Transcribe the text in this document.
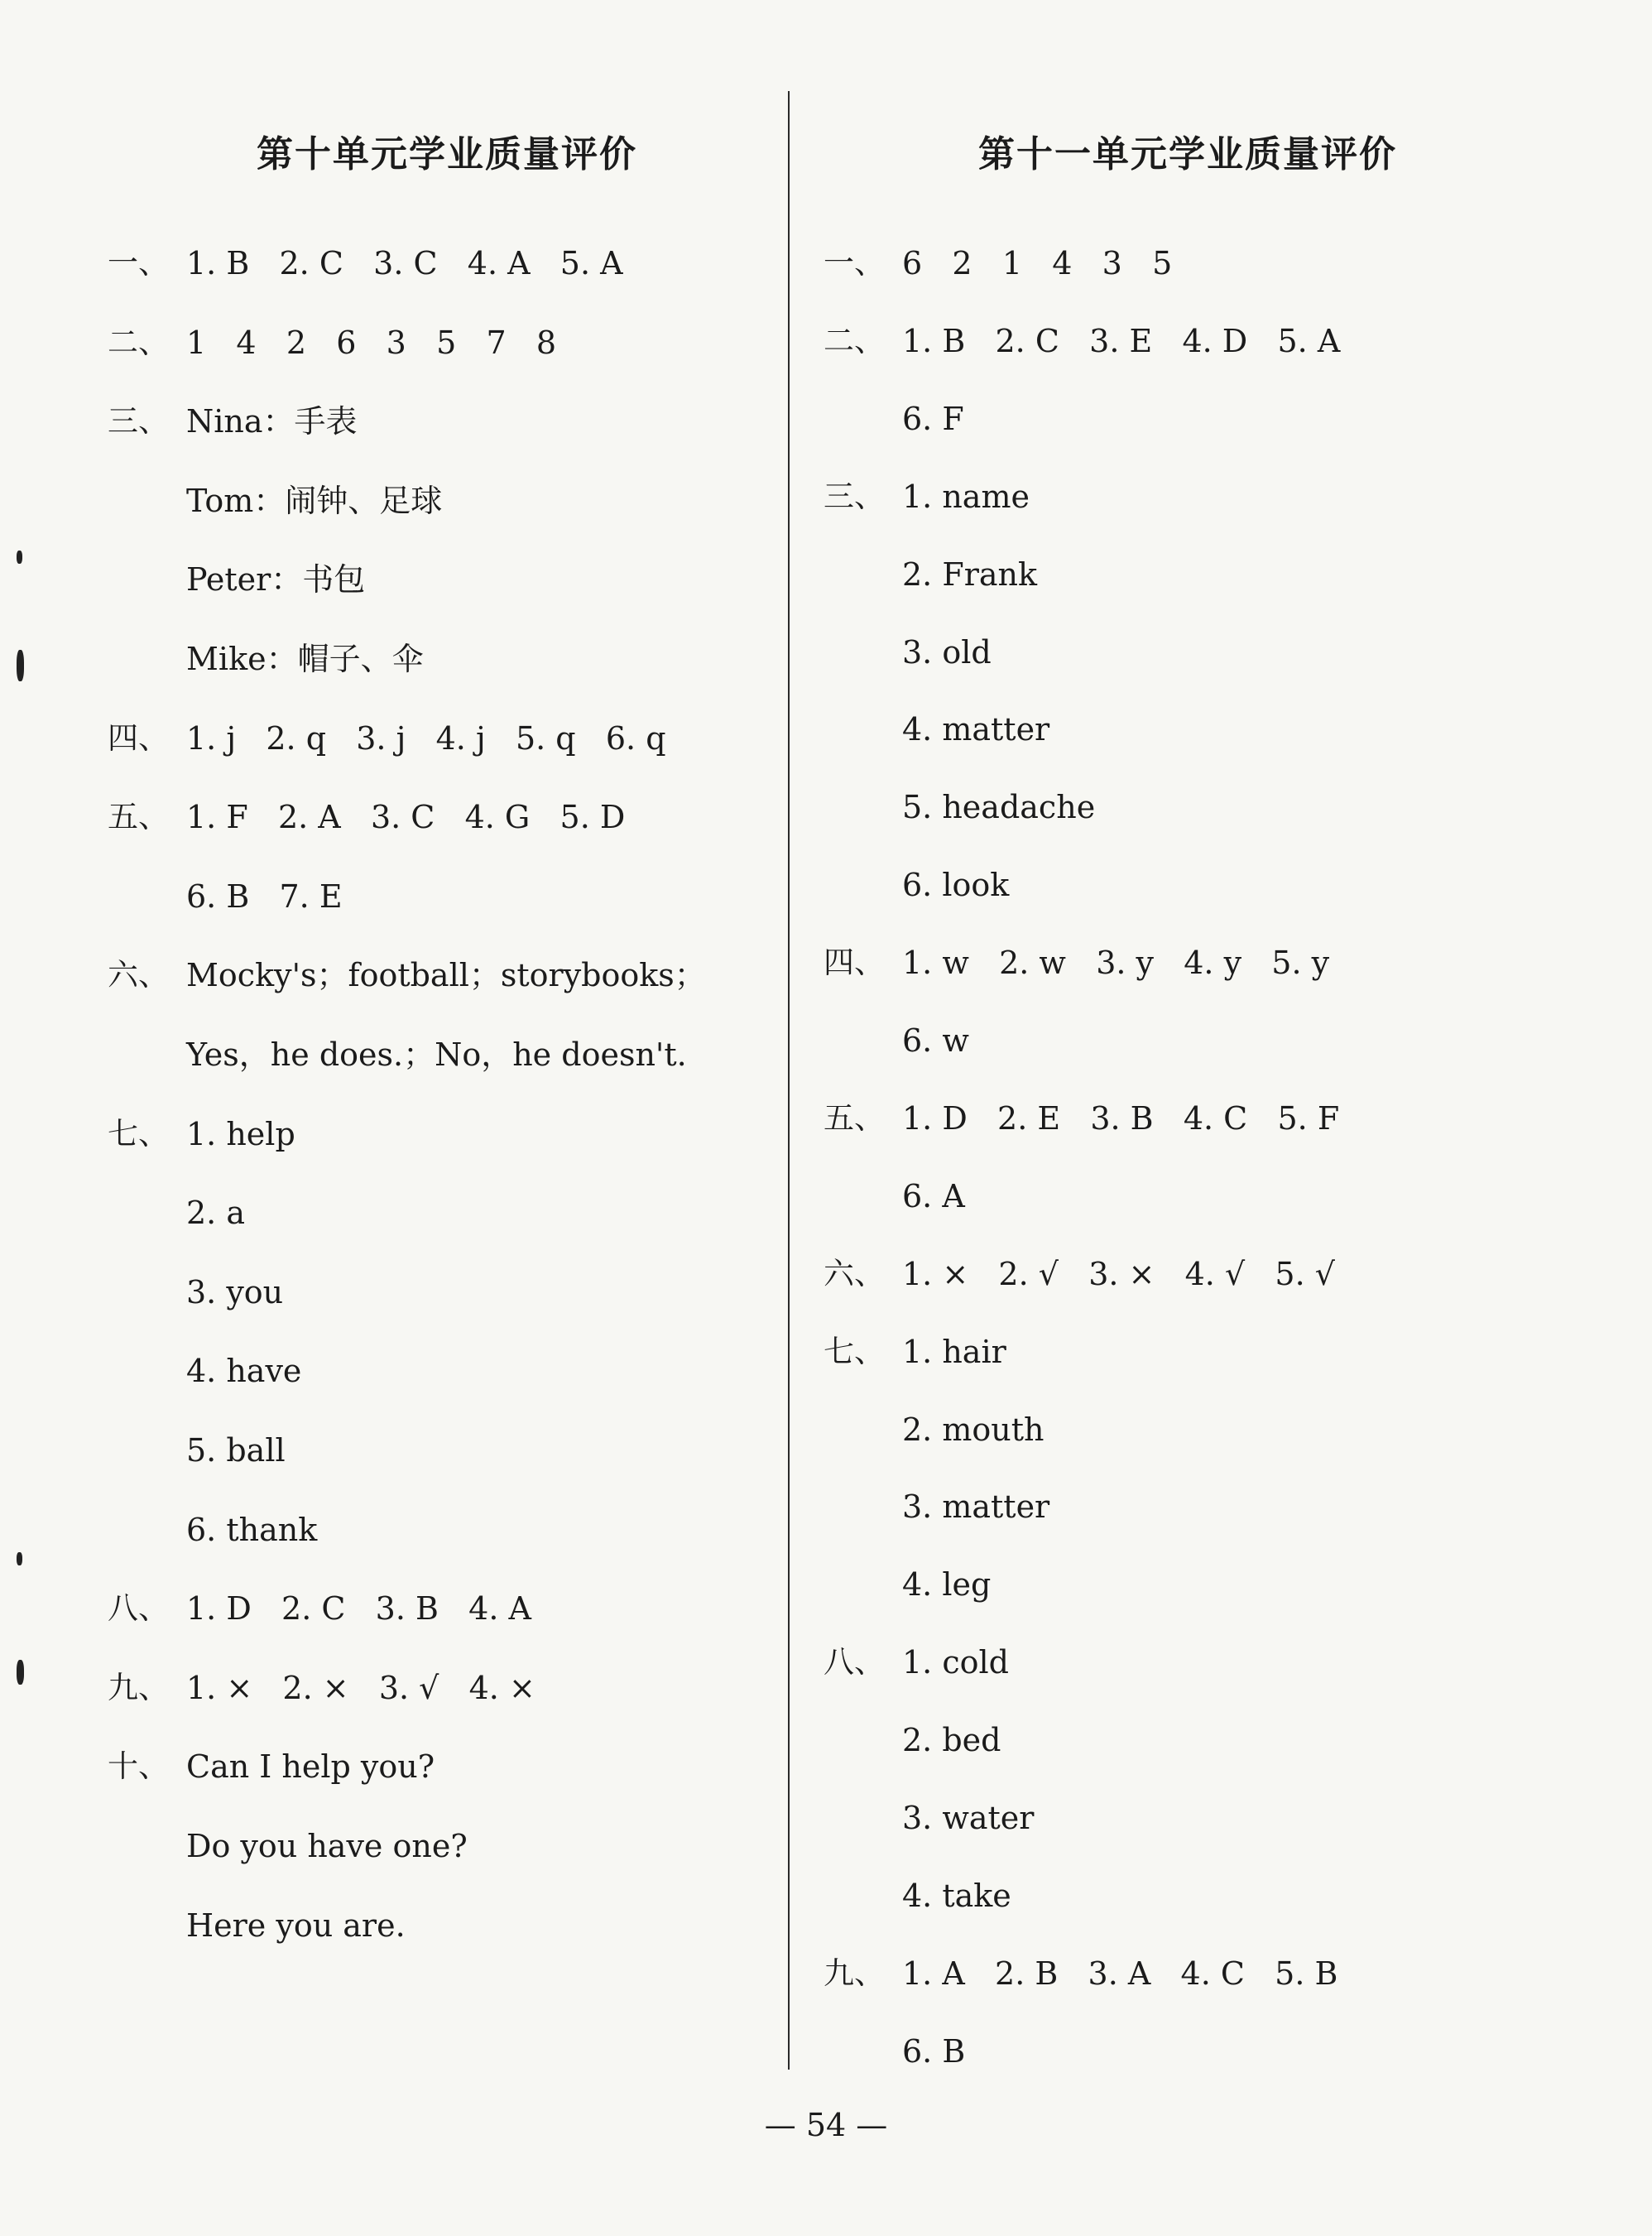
第十单元学业质量评价
一、 1. B   2. C   3. C   4. A   5. A
二、 1   4   2   6   3   5   7   8
三、 Nina：手表
Tom：闹钟、足球
Peter：书包
Mike：帽子、伞
四、 1. j   2. q   3. j   4. j   5. q   6. q
五、 1. F   2. A   3. C   4. G   5. D
6. B   7. E
六、 Mocky's；football；storybooks；
Yes，he does.；No，he doesn't.
七、 1. help
2. a
3. you
4. have
5. ball
6. thank
八、 1. D   2. C   3. B   4. A
九、 1. ×   2. ×   3. √   4. ×
十、 Can I help you?
Do you have one?
Here you are.
第十一单元学业质量评价
一、 6   2   1   4   3   5
二、 1. B   2. C   3. E   4. D   5. A
6. F
三、 1. name
2. Frank
3. old
4. matter
5. headache
6. look
四、 1. w   2. w   3. y   4. y   5. y
6. w
五、 1. D   2. E   3. B   4. C   5. F
6. A
六、 1. ×   2. √   3. ×   4. √   5. √
七、 1. hair
2. mouth
3. matter
4. leg
八、 1. cold
2. bed
3. water
4. take
九、 1. A   2. B   3. A   4. C   5. B
6. B
— 54 —
